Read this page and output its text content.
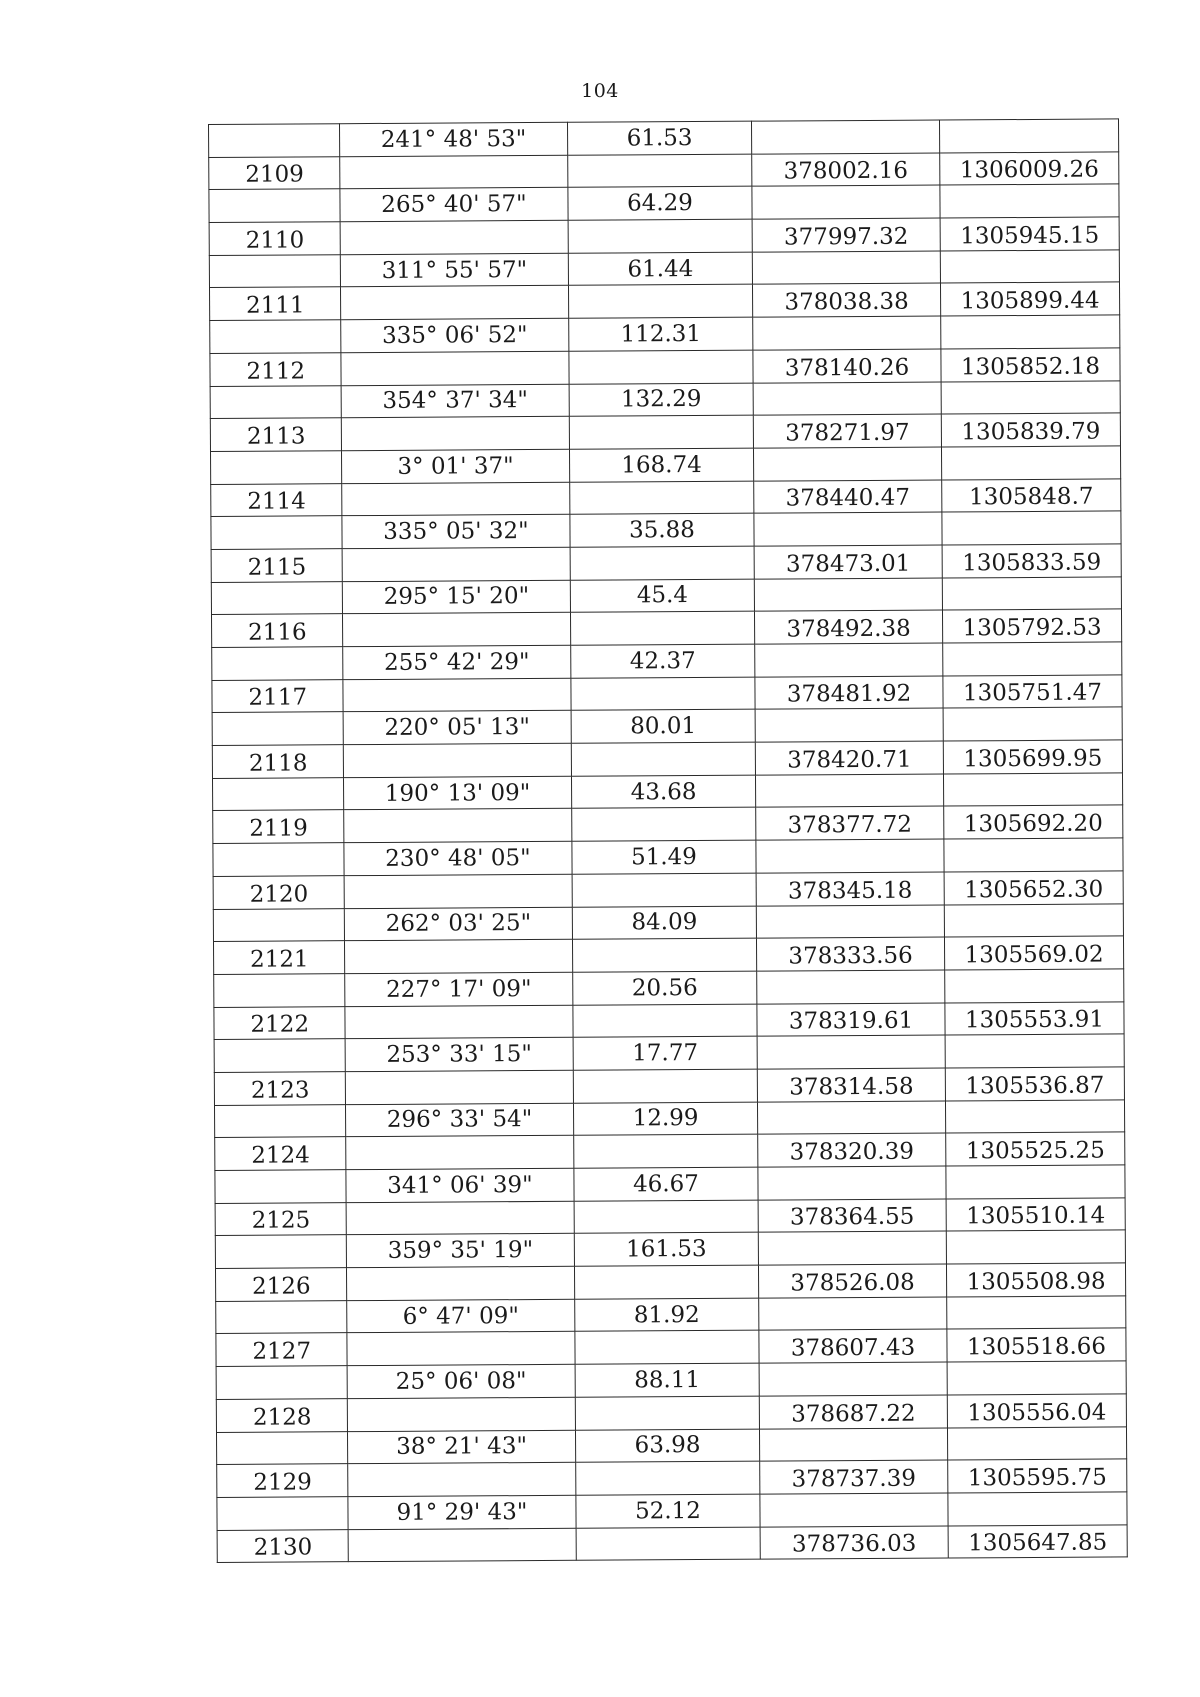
104
	241° 48' 53"	61.53		
2109			378002.16	1306009.26
	265° 40' 57"	64.29		
2110			377997.32	1305945.15
	311° 55' 57"	61.44		
2111			378038.38	1305899.44
	335° 06' 52"	112.31		
2112			378140.26	1305852.18
	354° 37' 34"	132.29		
2113			378271.97	1305839.79
	3° 01' 37"	168.74		
2114			378440.47	1305848.7
	335° 05' 32"	35.88		
2115			378473.01	1305833.59
	295° 15' 20"	45.4		
2116			378492.38	1305792.53
	255° 42' 29"	42.37		
2117			378481.92	1305751.47
	220° 05' 13"	80.01		
2118			378420.71	1305699.95
	190° 13' 09"	43.68		
2119			378377.72	1305692.20
	230° 48' 05"	51.49		
2120			378345.18	1305652.30
	262° 03' 25"	84.09		
2121			378333.56	1305569.02
	227° 17' 09"	20.56		
2122			378319.61	1305553.91
	253° 33' 15"	17.77		
2123			378314.58	1305536.87
	296° 33' 54"	12.99		
2124			378320.39	1305525.25
	341° 06' 39"	46.67		
2125			378364.55	1305510.14
	359° 35' 19"	161.53		
2126			378526.08	1305508.98
	6° 47' 09"	81.92		
2127			378607.43	1305518.66
	25° 06' 08"	88.11		
2128			378687.22	1305556.04
	38° 21' 43"	63.98		
2129			378737.39	1305595.75
	91° 29' 43"	52.12		
2130			378736.03	1305647.85
